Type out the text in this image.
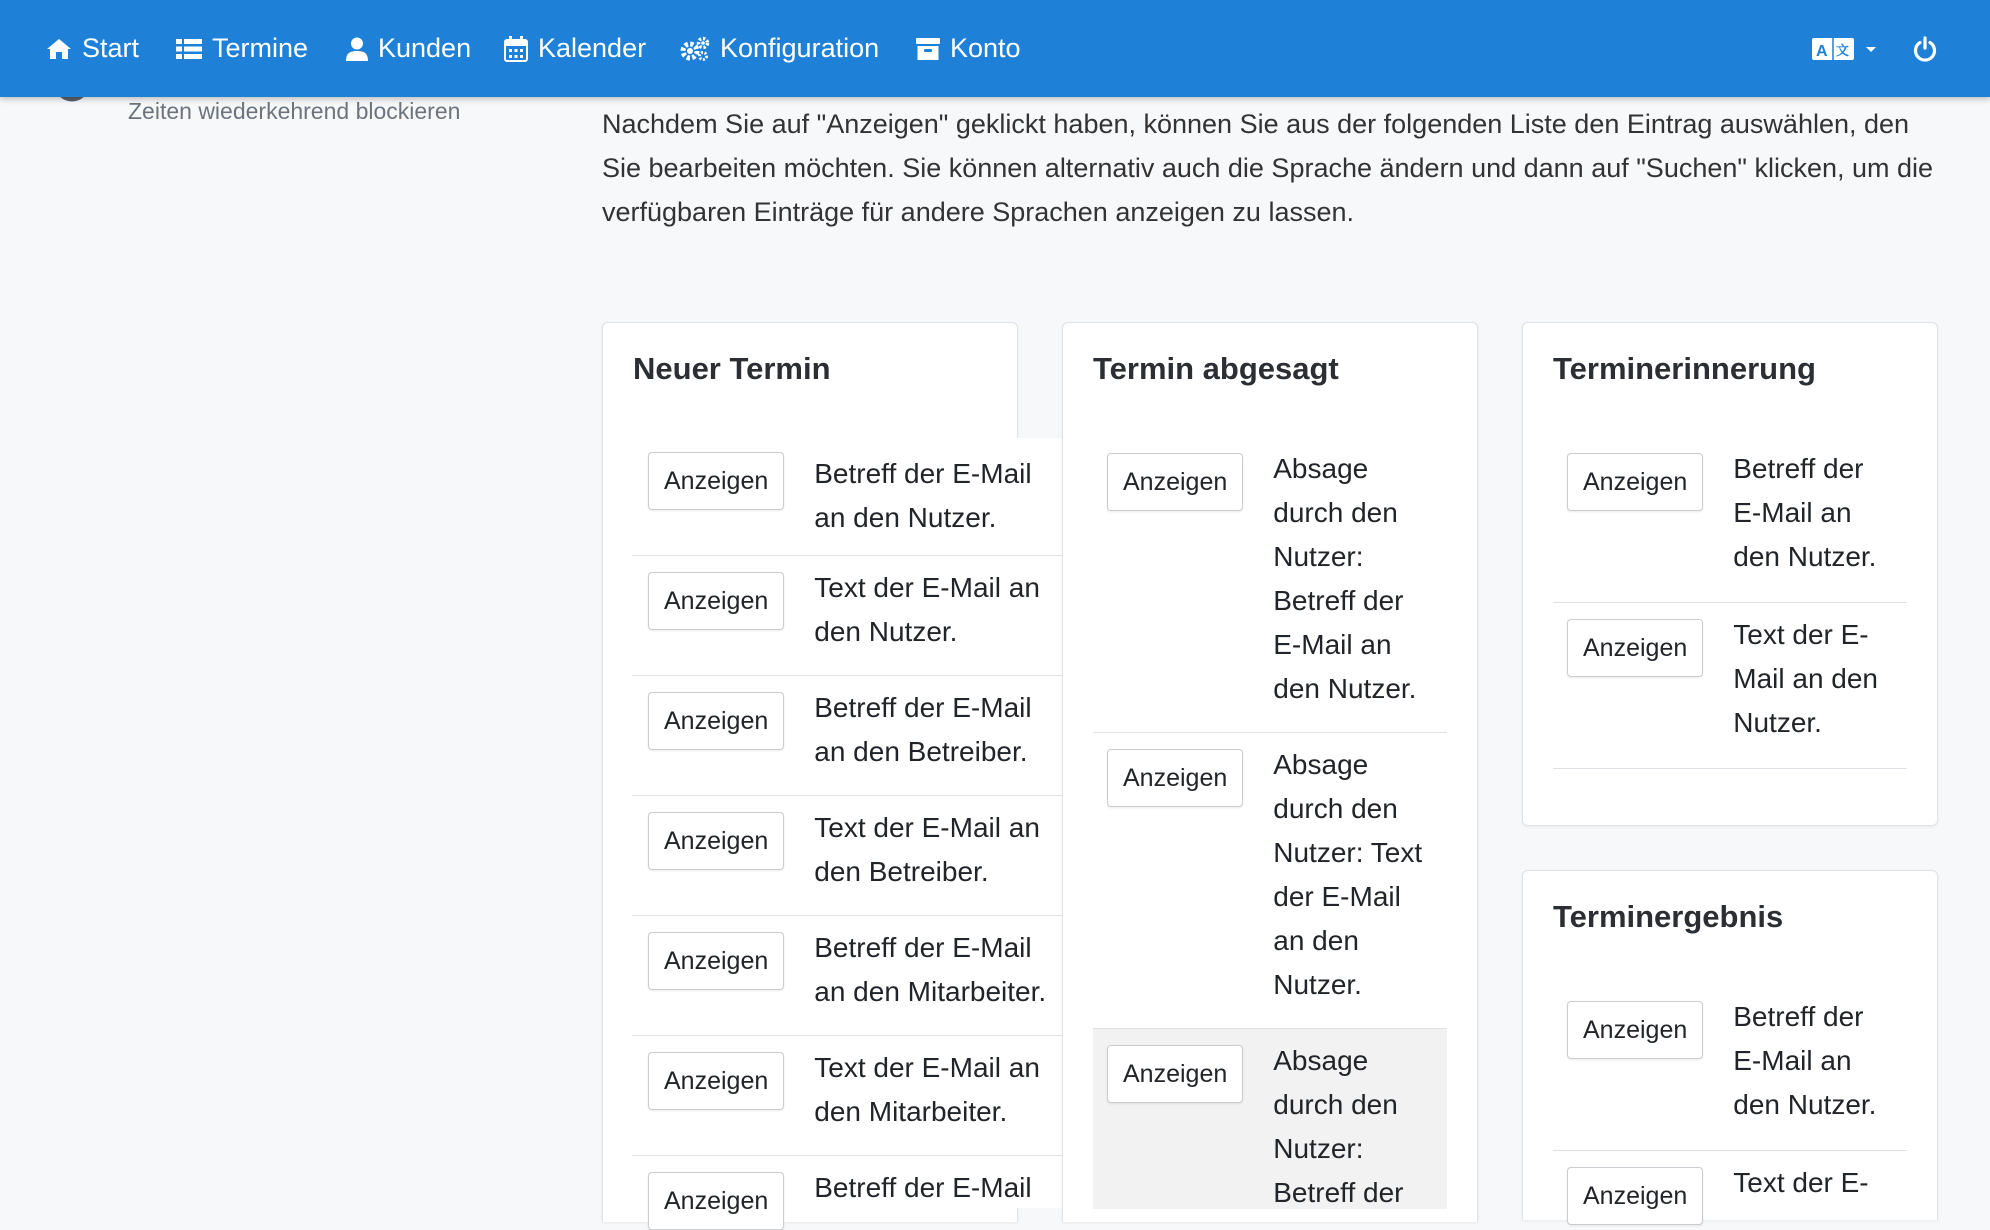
Start	Termine	Kunden Kalender	Konfiguration	Konto	A 文
Zeiten wiederkehrend blockieren	Nachdem Sie auf "Anzeigen" geklickt haben, können Sie aus der folgenden Liste den Eintrag auswählen, den Sie bearbeiten möchten. Sie können alternativ auch die Sprache ändern und dann auf "Suchen" klicken, um die verfügbaren Einträge für andere Sprachen anzeigen zu lassen.
Neuer Termin
Anzeigen	Betreff der E-Mail an den Nutzer.
Anzeigen	Text der E-Mail an den Nutzer.
Anzeigen	Betreff der E-Mail an den Betreiber.
Anzeigen	Text der E-Mail an den Betreiber.
Anzeigen	Betreff der E-Mail an den Mitarbeiter.
Anzeigen	Text der E-Mail an den Mitarbeiter.
Anzeigen	Betreff der E-Mail
Termin abgesagt
Anzeigen	Absage durch den Nutzer: Betreff der E-Mail an den Nutzer.
Anzeigen	Absage durch den Nutzer: Text der E-Mail an den Nutzer.
Anzeigen	Absage durch den Nutzer: Betreff der
Terminerinnerung
Anzeigen	Betreff der E-Mail an den Nutzer.
Anzeigen	Text der E-Mail an den Nutzer.
Terminergebnis
Anzeigen	Betreff der E-Mail an den Nutzer.
Anzeigen	Text der E-
